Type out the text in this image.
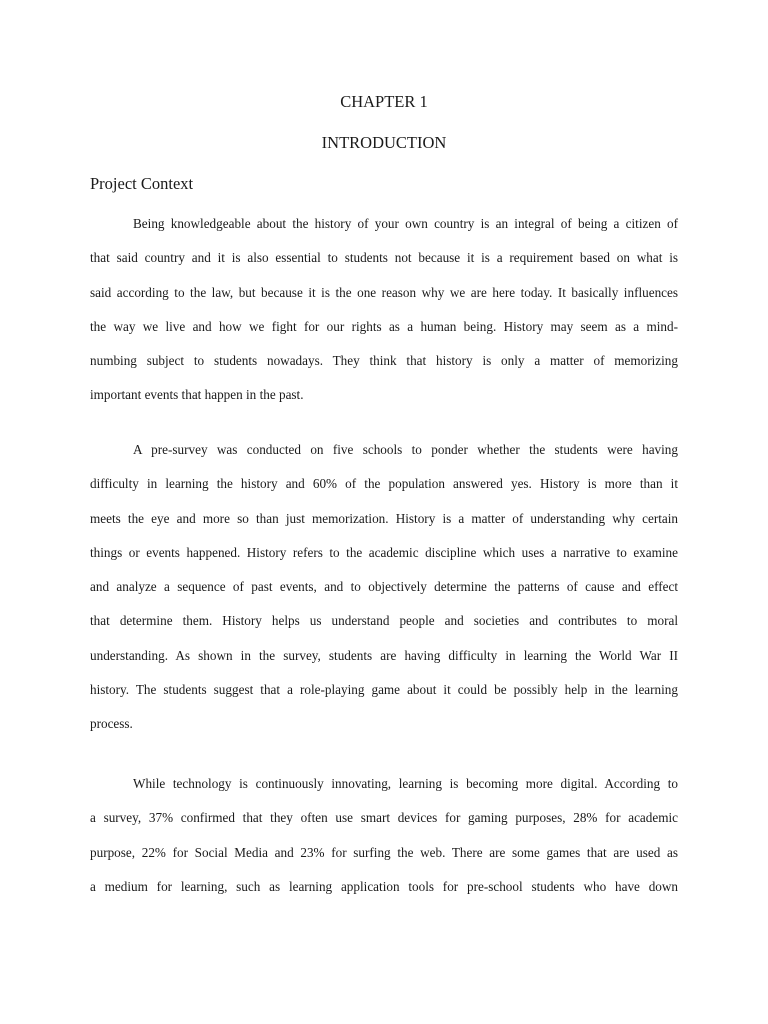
CHAPTER 1
INTRODUCTION
Project Context
Being knowledgeable about the history of your own country is an integral of being a citizen of
that said country and it is also essential to students not because it is a requirement based on what is
said according to the law, but because it is the one reason why we are here today. It basically influences
the way we live and how we fight for our rights as a human being. History may seem as a mind-
numbing subject to students nowadays. They think that history is only a matter of memorizing
important events that happen in the past.
A pre-survey was conducted on five schools to ponder whether the students were having
difficulty in learning the history and 60% of the population answered yes. History is more than it
meets the eye and more so than just memorization. History is a matter of understanding why certain
things or events happened. History refers to the academic discipline which uses a narrative to examine
and analyze a sequence of past events, and to objectively determine the patterns of cause and effect
that determine them. History helps us understand people and societies and contributes to moral
understanding. As shown in the survey, students are having difficulty in learning the World War II
history. The students suggest that a role-playing game about it could be possibly help in the learning
process.
While technology is continuously innovating, learning is becoming more digital. According to
a survey, 37% confirmed that they often use smart devices for gaming purposes, 28% for academic
purpose, 22% for Social Media and 23% for surfing the web. There are some games that are used as
a medium for learning, such as learning application tools for pre-school students who have down
